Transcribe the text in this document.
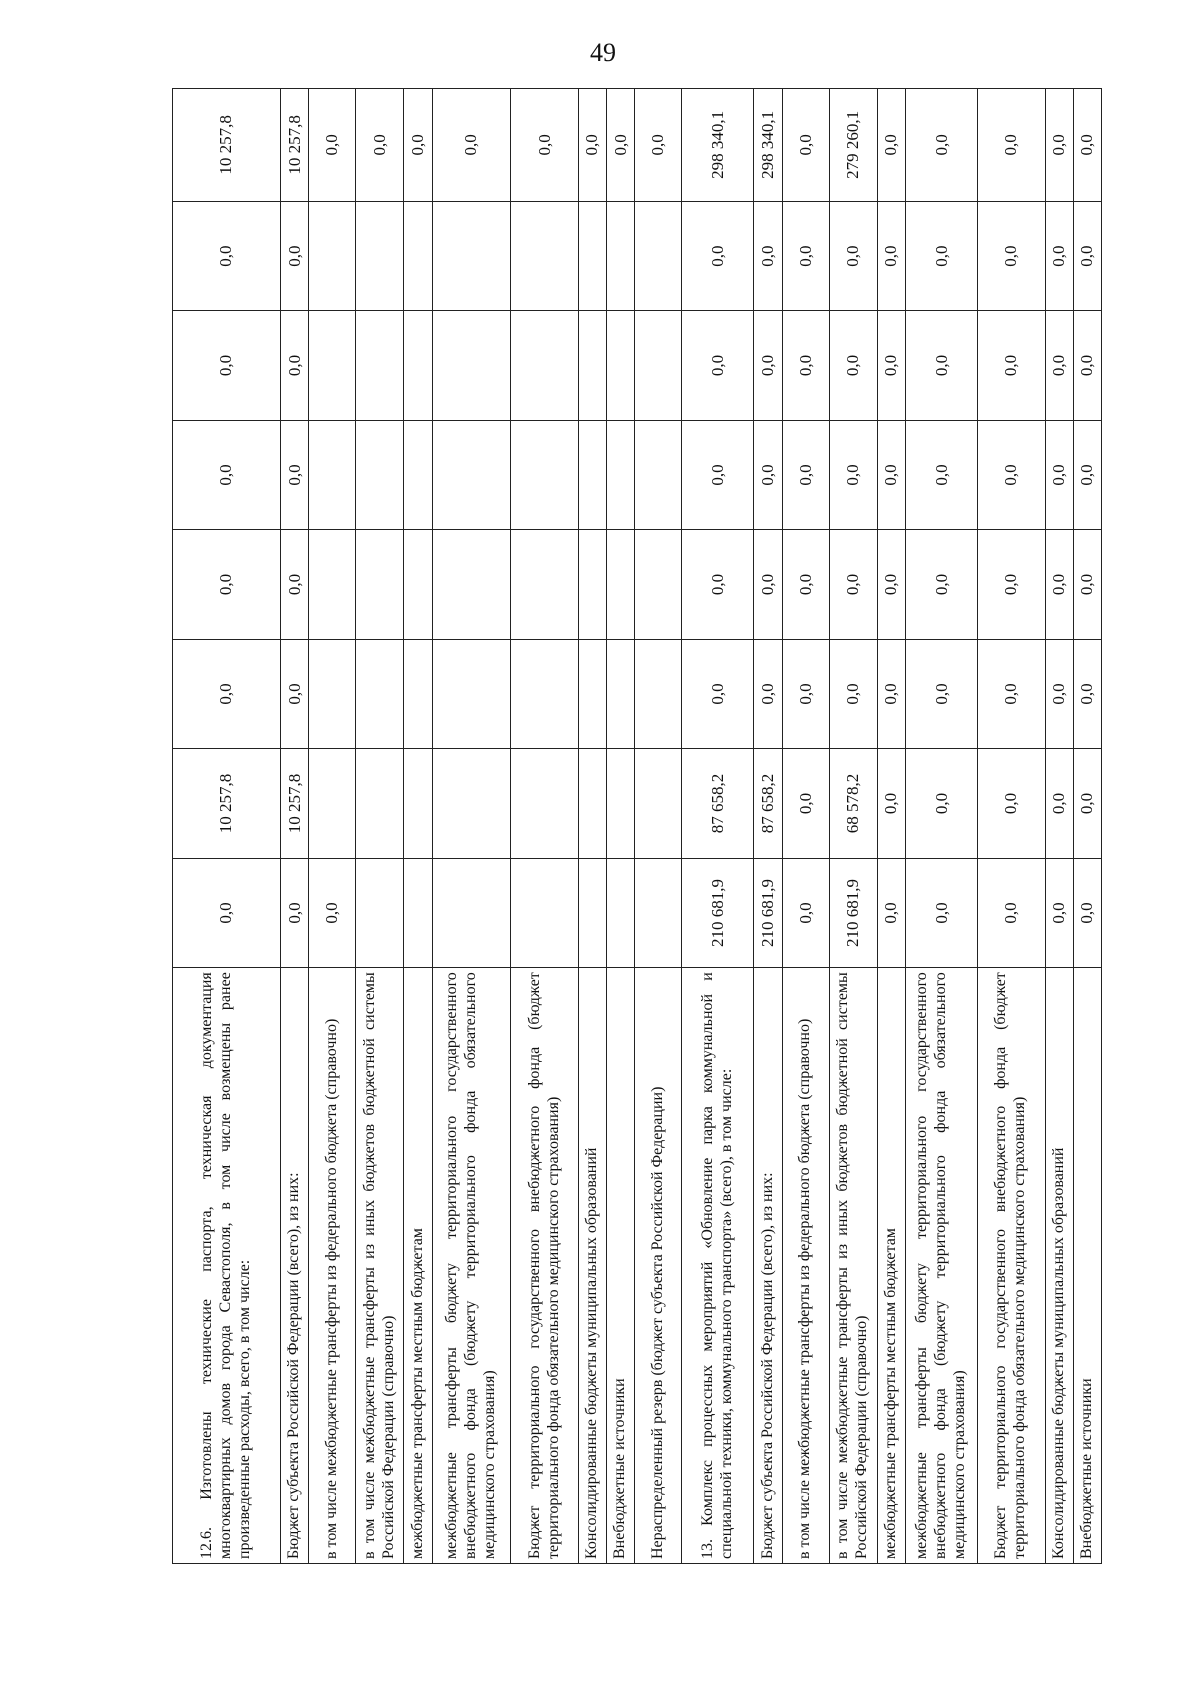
49
12.6. Изготовлены технические паспорта, техническая документация многоквартирных домов города Севастополя, в том числе возмещены ранее произведенные расходы, всего, в том числе:	0,0	10 257,8	0,0	0,0	0,0	0,0	0,0	10 257,8
Бюджет субъекта Российской Федерации (всего), из них:	0,0	10 257,8	0,0	0,0	0,0	0,0	0,0	10 257,8
в том числе межбюджетные трансферты из федерального бюджета (справочно)	0,0							0,0
в том числе межбюджетные трансферты из иных бюджетов бюджетной системы Российской Федерации (справочно)								0,0
межбюджетные трансферты местным бюджетам								0,0
межбюджетные трансферты бюджету территориального государственного внебюджетного фонда (бюджету территориального фонда обязательного медицинского страхования)								0,0
Бюджет территориального государственного внебюджетного фонда (бюджет территориального фонда обязательного медицинского страхования)								0,0
Консолидированные бюджеты муниципальных образований								0,0
Внебюджетные источники								0,0
Нераспределенный резерв (бюджет субъекта Российской Федерации)								0,0
13. Комплекс процессных мероприятий «Обновление парка коммунальной и специальной техники, коммунального транспорта» (всего), в том числе:	210 681,9	87 658,2	0,0	0,0	0,0	0,0	0,0	298 340,1
Бюджет субъекта Российской Федерации (всего), из них:	210 681,9	87 658,2	0,0	0,0	0,0	0,0	0,0	298 340,1
в том числе межбюджетные трансферты из федерального бюджета (справочно)	0,0	0,0	0,0	0,0	0,0	0,0	0,0	0,0
в том числе межбюджетные трансферты из иных бюджетов бюджетной системы Российской Федерации (справочно)	210 681,9	68 578,2	0,0	0,0	0,0	0,0	0,0	279 260,1
межбюджетные трансферты местным бюджетам	0,0	0,0	0,0	0,0	0,0	0,0	0,0	0,0
межбюджетные трансферты бюджету территориального государственного внебюджетного фонда (бюджету территориального фонда обязательного медицинского страхования)	0,0	0,0	0,0	0,0	0,0	0,0	0,0	0,0
Бюджет территориального государственного внебюджетного фонда (бюджет территориального фонда обязательного медицинского страхования)	0,0	0,0	0,0	0,0	0,0	0,0	0,0	0,0
Консолидированные бюджеты муниципальных образований	0,0	0,0	0,0	0,0	0,0	0,0	0,0	0,0
Внебюджетные источники	0,0	0,0	0,0	0,0	0,0	0,0	0,0	0,0
